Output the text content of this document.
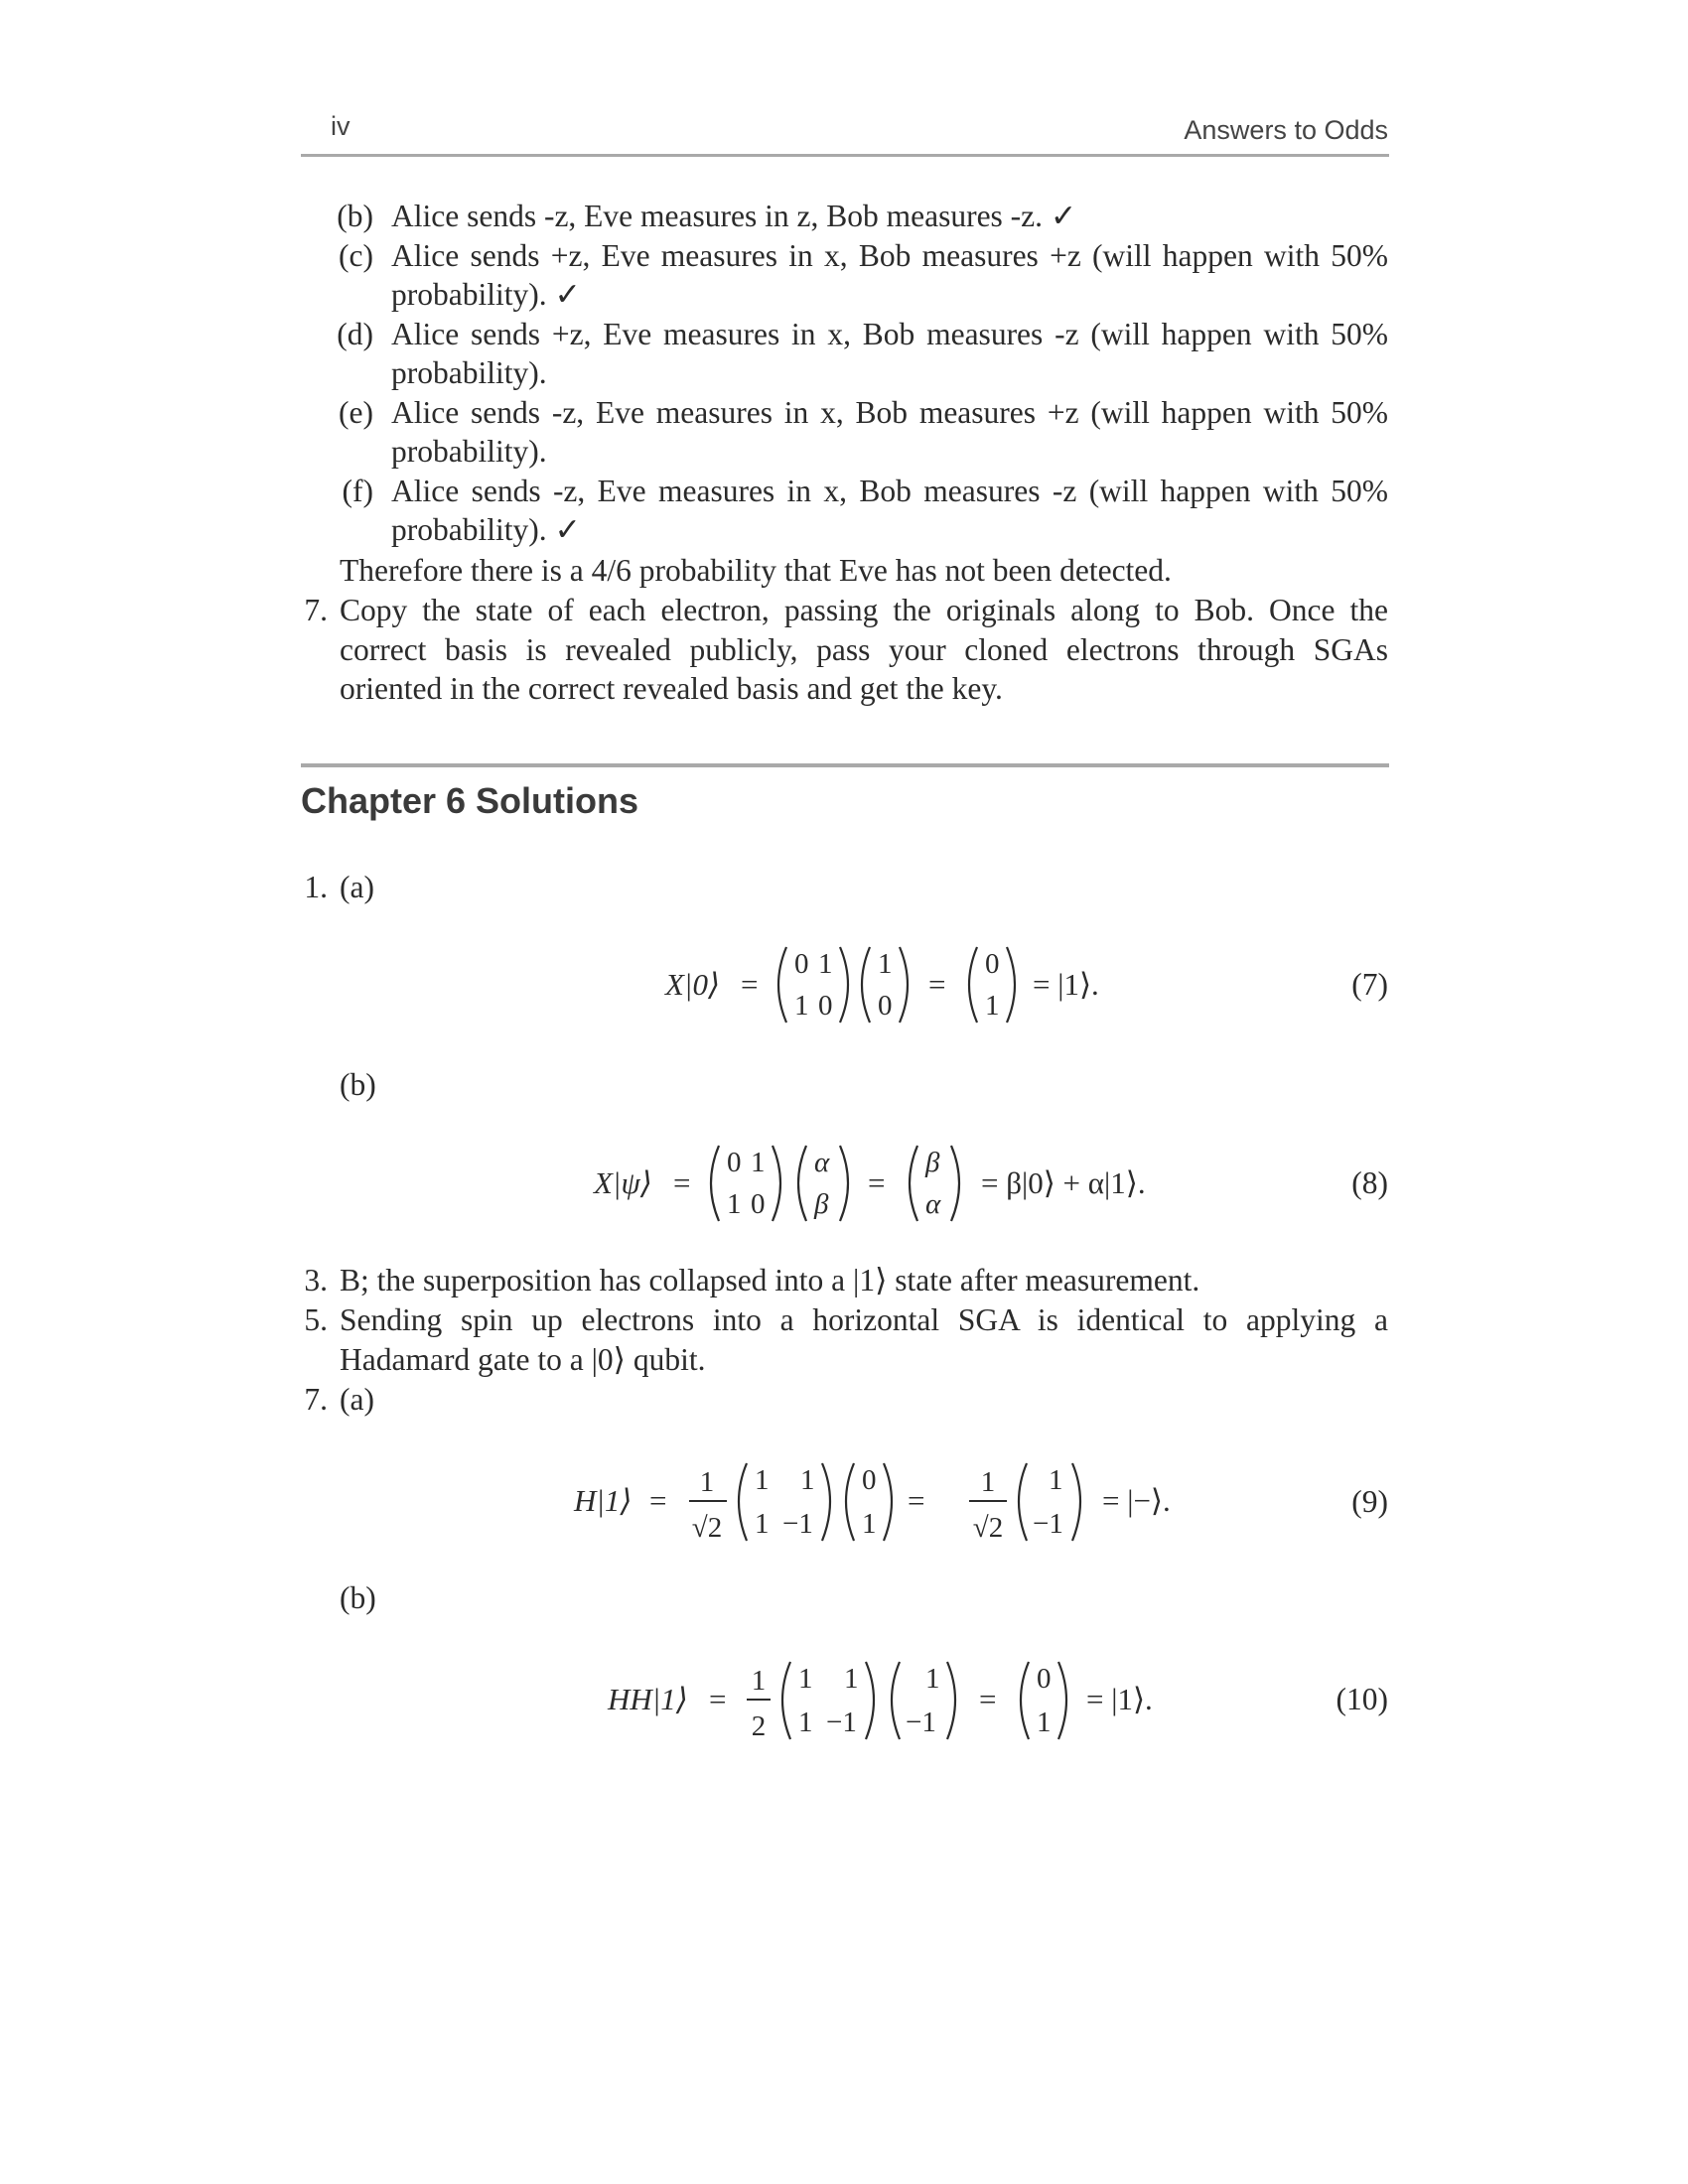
iv	Answers to Odds
(b) Alice sends -z, Eve measures in z, Bob measures -z. ✓
(c) Alice sends +z, Eve measures in x, Bob measures +z (will happen with 50%
probability). ✓
(d) Alice sends +z, Eve measures in x, Bob measures -z (will happen with 50%
probability).
(e) Alice sends -z, Eve measures in x, Bob measures +z (will happen with 50%
probability).
(f) Alice sends -z, Eve measures in x, Bob measures -z (will happen with 50%
probability). ✓
Therefore there is a 4/6 probability that Eve has not been detected.
7. Copy the state of each electron, passing the originals along to Bob. Once the
correct basis is revealed publicly, pass your cloned electrons through SGAs
oriented in the correct revealed basis and get the key.
Chapter 6 Solutions
1. (a)
X|0⟩ =
0 1
1 0
1
0
=
0
1
= |1⟩.	(7)
(b)
X|ψ⟩ =
0 1
1 0
α
β
=
β
α
= β|0⟩ + α|1⟩.	(8)
3. B; the superposition has collapsed into a |1⟩ state after measurement.
5. Sending spin up electrons into a horizontal SGA is identical to applying a
Hadamard gate to a |0⟩ qubit.
7. (a)
H|1⟩ =
1
√2
1 1
1 −1
0
1
=
1
√2
1
−1
= |−⟩.	(9)
(b)
HH|1⟩ =
1
2
1 1
1 −1
1
−1
=
0
1
= |1⟩.	(10)
